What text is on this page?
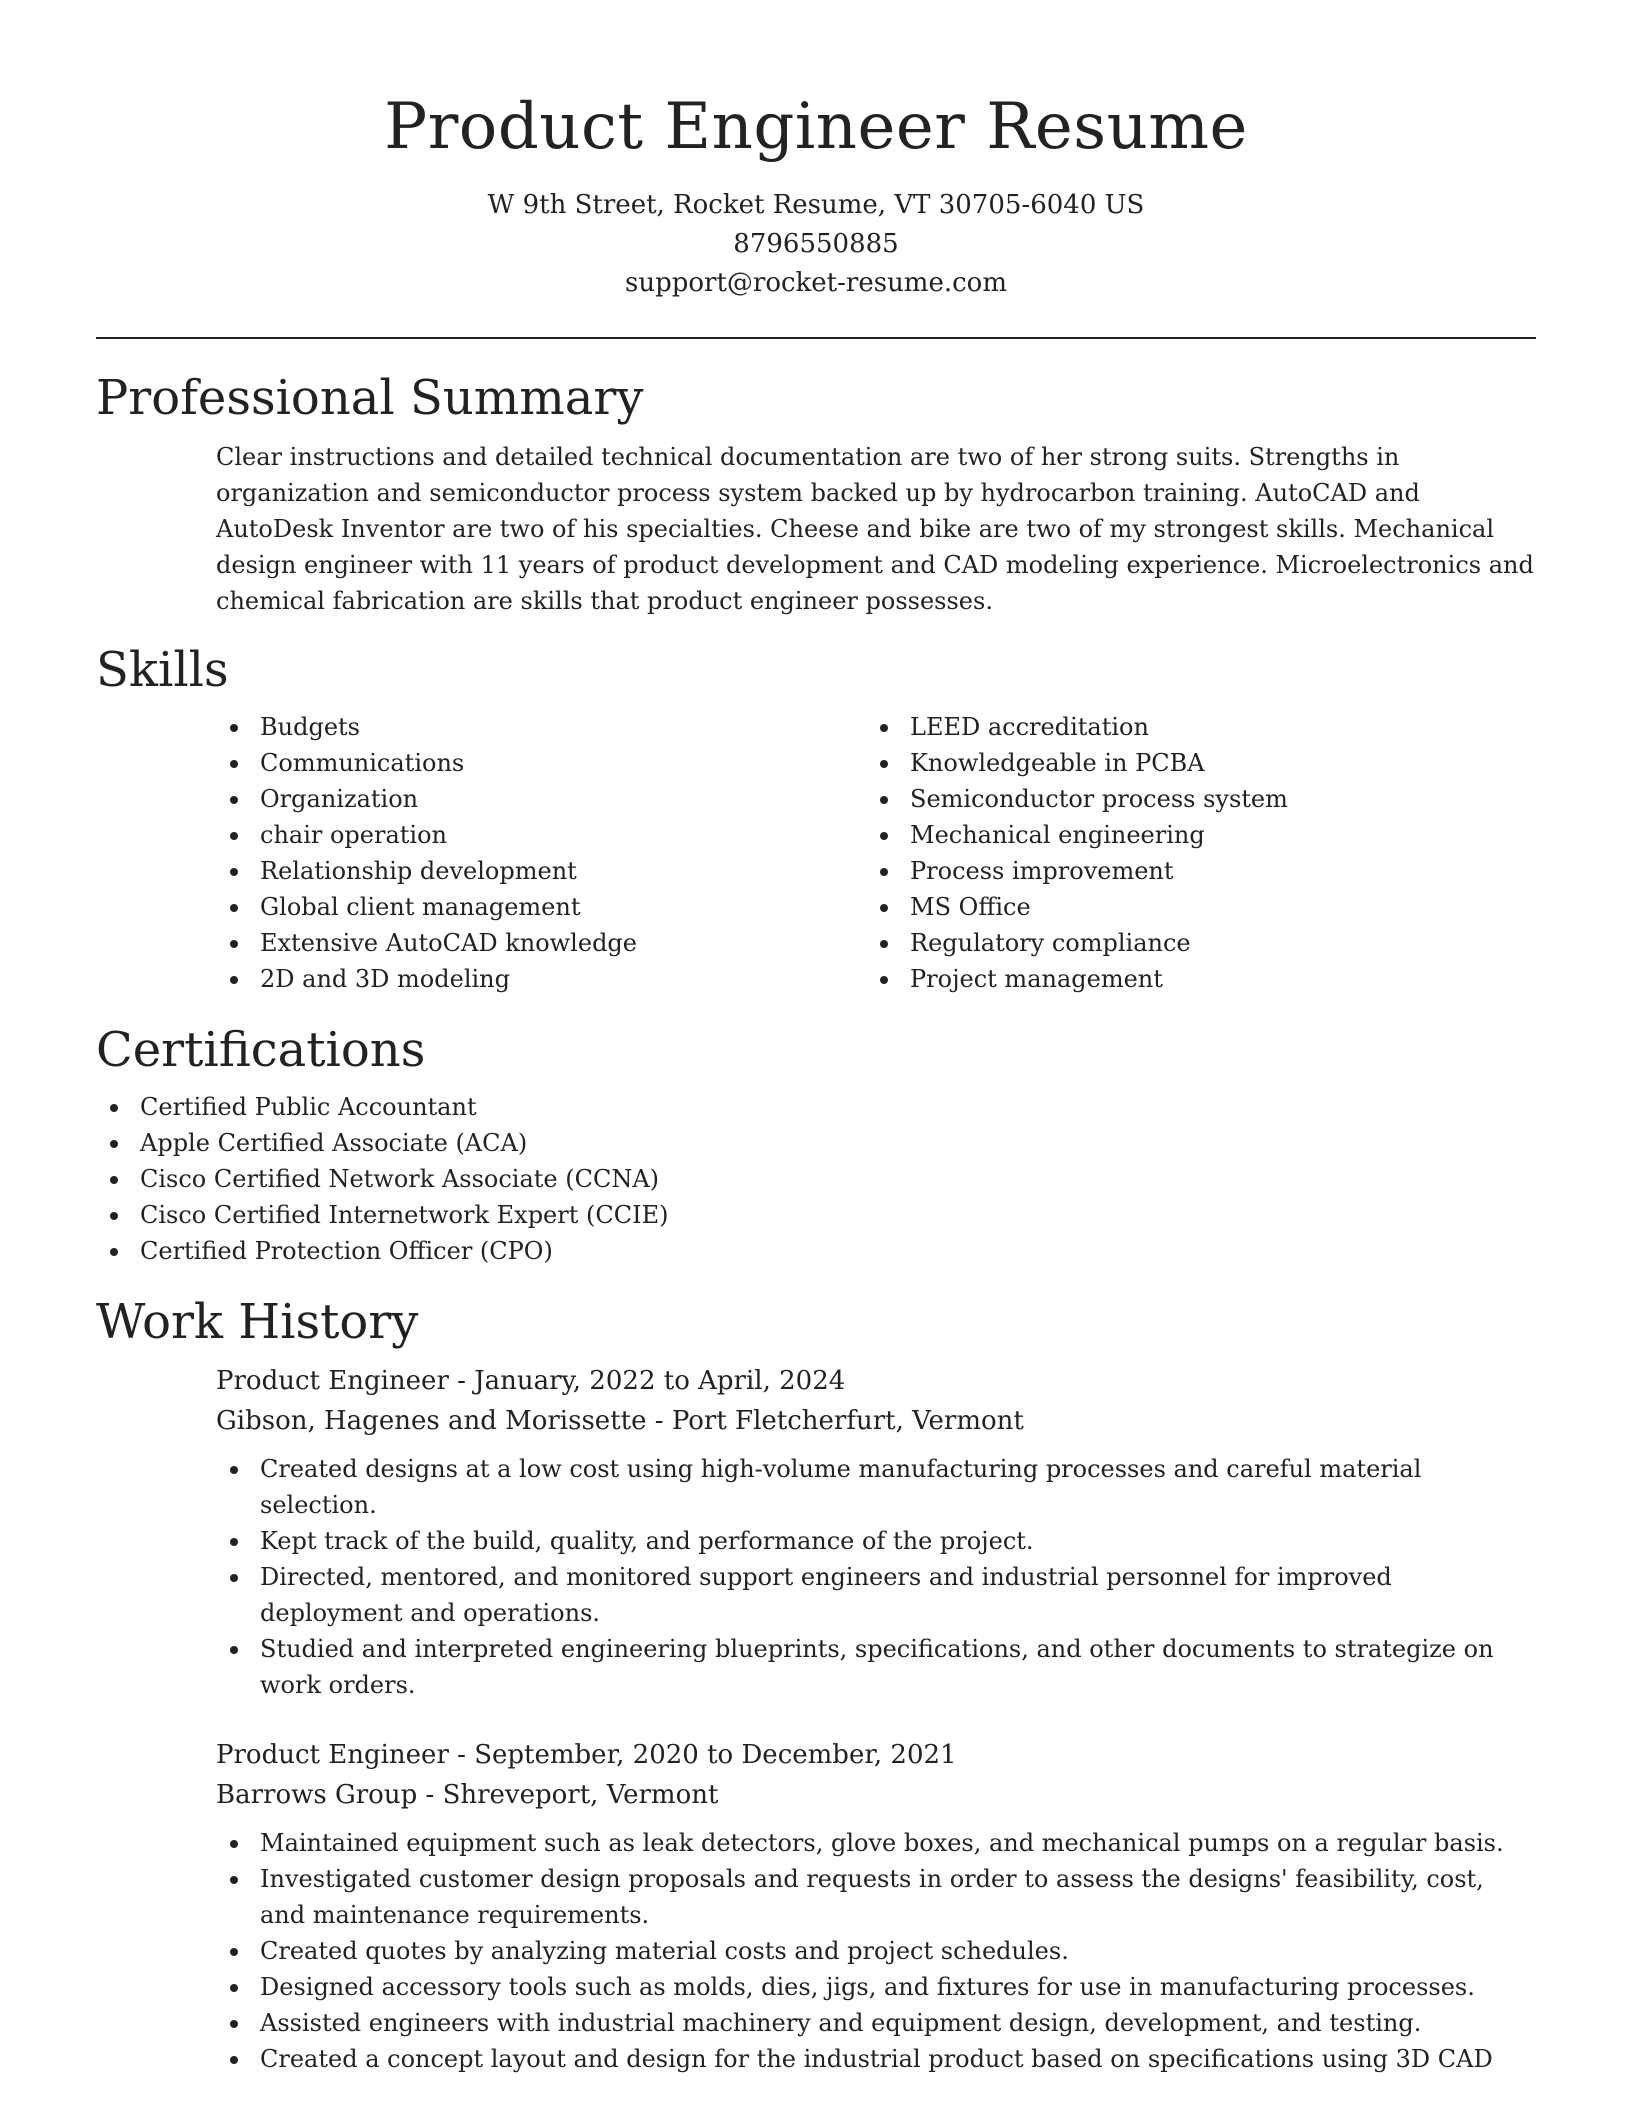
Product Engineer Resume
W 9th Street, Rocket Resume, VT 30705-6040 US
8796550885
support@rocket-resume.com
Professional Summary

Clear instructions and detailed technical documentation are two of her strong suits. Strengths in organization and semiconductor process system backed up by hydrocarbon training. AutoCAD and AutoDesk Inventor are two of his specialties. Cheese and bike are two of my strongest skills. Mechanical design engineer with 11 years of product development and CAD modeling experience. Microelectronics and chemical fabrication are skills that product engineer possesses.

Skills
Budgets
Communications
Organization
chair operation
Relationship development
Global client management
Extensive AutoCAD knowledge
2D and 3D modeling
LEED accreditation
Knowledgeable in PCBA
Semiconductor process system
Mechanical engineering
Process improvement
MS Office
Regulatory compliance
Project management
Certifications
Certified Public Accountant
Apple Certified Associate (ACA)
Cisco Certified Network Associate (CCNA)
Cisco Certified Internetwork Expert (CCIE)
Certified Protection Officer (CPO)
Work History
Product Engineer - January, 2022 to April, 2024
Gibson, Hagenes and Morissette - Port Fletcherfurt, Vermont
Created designs at a low cost using high-volume manufacturing processes and careful material selection.
Kept track of the build, quality, and performance of the project.
Directed, mentored, and monitored support engineers and industrial personnel for improved deployment and operations.
Studied and interpreted engineering blueprints, specifications, and other documents to strategize on work orders.
Product Engineer - September, 2020 to December, 2021
Barrows Group - Shreveport, Vermont
Maintained equipment such as leak detectors, glove boxes, and mechanical pumps on a regular basis.
Investigated customer design proposals and requests in order to assess the designs' feasibility, cost, and maintenance requirements.
Created quotes by analyzing material costs and project schedules.
Designed accessory tools such as molds, dies, jigs, and fixtures for use in manufacturing processes.
Assisted engineers with industrial machinery and equipment design, development, and testing.
Created a concept layout and design for the industrial product based on specifications using 3D CAD
